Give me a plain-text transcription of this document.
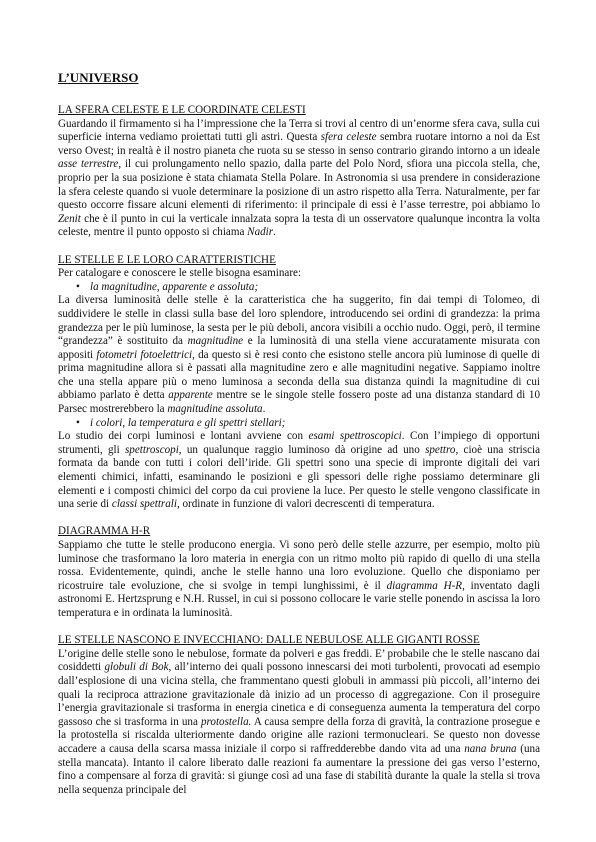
L’UNIVERSO
LA SFERA CELESTE E LE COORDINATE CELESTI

Guardando il firmamento si ha l’impressione che la Terra si trovi al centro di un’enorme sfera cava, sulla cui superficie interna vediamo proiettati tutti gli astri. Questa sfera celeste sembra ruotare intorno a noi da Est verso Ovest; in realtà è il nostro pianeta che ruota su se stesso in senso contrario girando intorno a un ideale asse terrestre, il cui prolungamento nello spazio, dalla parte del Polo Nord, sfiora una piccola stella, che, proprio per la sua posizione è stata chiamata Stella Polare. In Astronomia si usa prendere in considerazione la sfera celeste quando si vuole determinare la posizione di un astro rispetto alla Terra. Naturalmente, per far questo occorre fissare alcuni elementi di riferimento: il principale di essi è l’asse terrestre, poi abbiamo lo Zenit che è il punto in cui la verticale innalzata sopra la testa di un osservatore qualunque incontra la volta celeste, mentre il punto opposto si chiama Nadir.

LE STELLE E LE LORO CARATTERISTICHE

Per catalogare e conoscere le stelle bisogna esaminare:

• la magnitudine, apparente e assoluta;

La diversa luminosità delle stelle è la caratteristica che ha suggerito, fin dai tempi di Tolomeo, di suddividere le stelle in classi sulla base del loro splendore, introducendo sei ordini di grandezza: la prima grandezza per le più luminose, la sesta per le più deboli, ancora visibili a occhio nudo. Oggi, però, il termine “grandezza” è sostituito da magnitudine e la luminosità di una stella viene accuratamente misurata con appositi fotometri fotoelettrici, da questo si è resi conto che esistono stelle ancora più luminose di quelle di prima magnitudine allora si è passati alla magnitudine zero e alle magnitudini negative. Sappiamo inoltre che una stella appare più o meno luminosa a seconda della sua distanza quindi la magnitudine di cui abbiamo parlato è detta apparente mentre se le singole stelle fossero poste ad una distanza standard di 10 Parsec mostrerebbero la magnitudine assoluta.

• i colori, la temperatura e gli spettri stellari;

Lo studio dei corpi luminosi e lontani avviene con esami spettroscopici. Con l’impiego di opportuni strumenti, gli spettroscopi, un qualunque raggio luminoso dà origine ad uno spettro, cioè una striscia formata da bande con tutti i colori dell’iride. Gli spettri sono una specie di impronte digitali dei vari elementi chimici, infatti, esaminando le posizioni e gli spessori delle righe possiamo determinare gli elementi e i composti chimici del corpo da cui proviene la luce. Per questo le stelle vengono classificate in una serie di classi spettrali, ordinate in funzione di valori decrescenti di temperatura.

DIAGRAMMA H-R

Sappiamo che tutte le stelle producono energia. Vi sono però delle stelle azzurre, per esempio, molto più luminose che trasformano la loro materia in energia con un ritmo molto più rapido di quello di una stella rossa. Evidentemente, quindi, anche le stelle hanno una loro evoluzione. Quello che disponiamo per ricostruire tale evoluzione, che si svolge in tempi lunghissimi, è il diagramma H-R, inventato dagli astronomi E. Hertzsprung e N.H. Russel, in cui si possono collocare le varie stelle ponendo in ascissa la loro temperatura e in ordinata la luminosità.

LE STELLE NASCONO E INVECCHIANO: DALLE NEBULOSE ALLE GIGANTI ROSSE

L’origine delle stelle sono le nebulose, formate da polveri e gas freddi. E’ probabile che le stelle nascano dai cosiddetti globuli di Bok, all’interno dei quali possono innescarsi dei moti turbolenti, provocati ad esempio dall’esplosione di una vicina stella, che frammentano questi globuli in ammassi più piccoli, all’interno dei quali la reciproca attrazione gravitazionale dà inizio ad un processo di aggregazione. Con il proseguire l’energia gravitazionale si trasforma in energia cinetica e di conseguenza aumenta la temperatura del corpo gassoso che si trasforma in una protostella. A causa sempre della forza di gravità, la contrazione prosegue e la protostella si riscalda ulteriormente dando origine alle razioni termonucleari. Se questo non dovesse accadere a causa della scarsa massa iniziale il corpo si raffredderebbe dando vita ad una nana bruna (una stella mancata). Intanto il calore liberato dalle reazioni fa aumentare la pressione dei gas verso l’esterno, fino a compensare al forza di gravità: si giunge così ad una fase di stabilità durante la quale la stella si trova nella sequenza principale del
